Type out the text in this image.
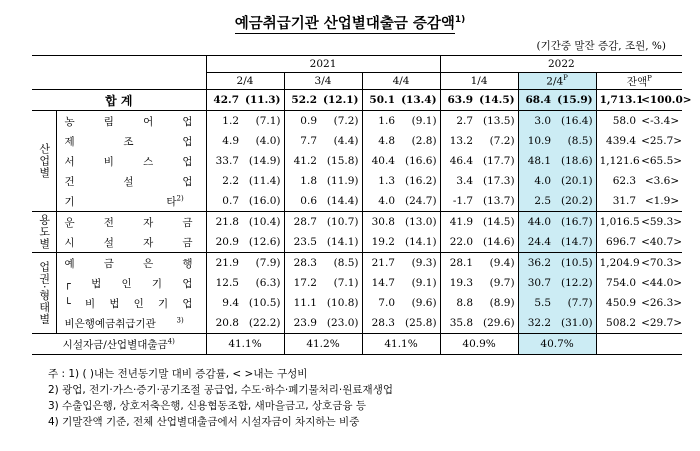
예금취급기관 산업별대출금 증감액$^{1)}$
(기간중 말잔 증감, 조원, %)
		2021						2022					
		2/4		3/4		4/4		1/4		$2/4^P$		잔액$^P$
합 계		42.7	(11.3)	52.2	(12.1)	50.1	(13.4)	63.9	(14.5)	68.4	(15.9)	1,713.1	<100.0>

산업별	농 림 어 업	1.2	(7.1)	0.9	(7.2)	1.6	(9.1)	2.7	(13.5)	3.0	(16.4)	58.0	<-3.4>
	제 조 업	4.9	(4.0)	7.7	(4.4)	4.8	(2.8)	13.2	(7.2)	10.9	(8.5)	439.4	<25.7>
	서 비 스 업	33.7	(14.9)	41.2	(15.8)	40.4	(16.6)	46.4	(17.7)	48.1	(18.6)	1,121.6	<65.5>
	건 설 업	2.2	(11.4)	1.8	(11.9)	1.3	(16.2)	3.4	(17.3)	4.0	(20.1)	62.3	<3.6>
	기 타$^{2)}$	0.7	(16.0)	0.6	(14.4)	4.0	(24.7)	-1.7	(13.7)	2.5	(20.2)	31.7	<1.9>

용도별	운 전 자 금	21.8	(10.4)	28.7	(10.7)	30.8	(13.0)	41.9	(14.5)	44.0	(16.7)	1,016.5	<59.3>
	시 설 자 금	20.9	(12.6)	23.5	(14.1)	19.2	(14.1)	22.0	(14.6)	24.4	(14.7)	696.7	<40.7>

업권·형태별	예 금 은 행	21.9	(7.9)	28.3	(8.5)	21.7	(9.3)	28.1	(9.4)	36.2	(10.5)	1,204.9	<70.3>
	┌ 법 인 기 업	12.5	(6.3)	17.2	(7.1)	14.7	(9.1)	19.3	(9.7)	30.7	(12.2)	754.0	<44.0>
	└ 비 법 인 기 업	9.4	(10.5)	11.1	(10.8)	7.0	(9.6)	8.8	(8.9)	5.5	(7.7)	450.9	<26.3>
	비은행예금취급기관 $^{3)}$	20.8	(22.2)	23.9	(23.0)	28.3	(25.8)	35.8	(29.6)	32.2	(31.0)	508.2	<29.7>
시설자금/산업별대출금$^{4)}$		41.1%		41.2%		41.1%		40.9%		40.7%			
주 : 1) ( )내는 전년동기말 대비 증감률, < >내는 구성비
2) 광업, 전기·가스·증기·공기조절 공급업, 수도·하수·폐기물처리·원료재생업
3) 수출입은행, 상호저축은행, 신용협동조합, 새마을금고, 상호금융 등
4) 기말잔액 기준, 전체 산업별대출금에서 시설자금이 차지하는 비중
